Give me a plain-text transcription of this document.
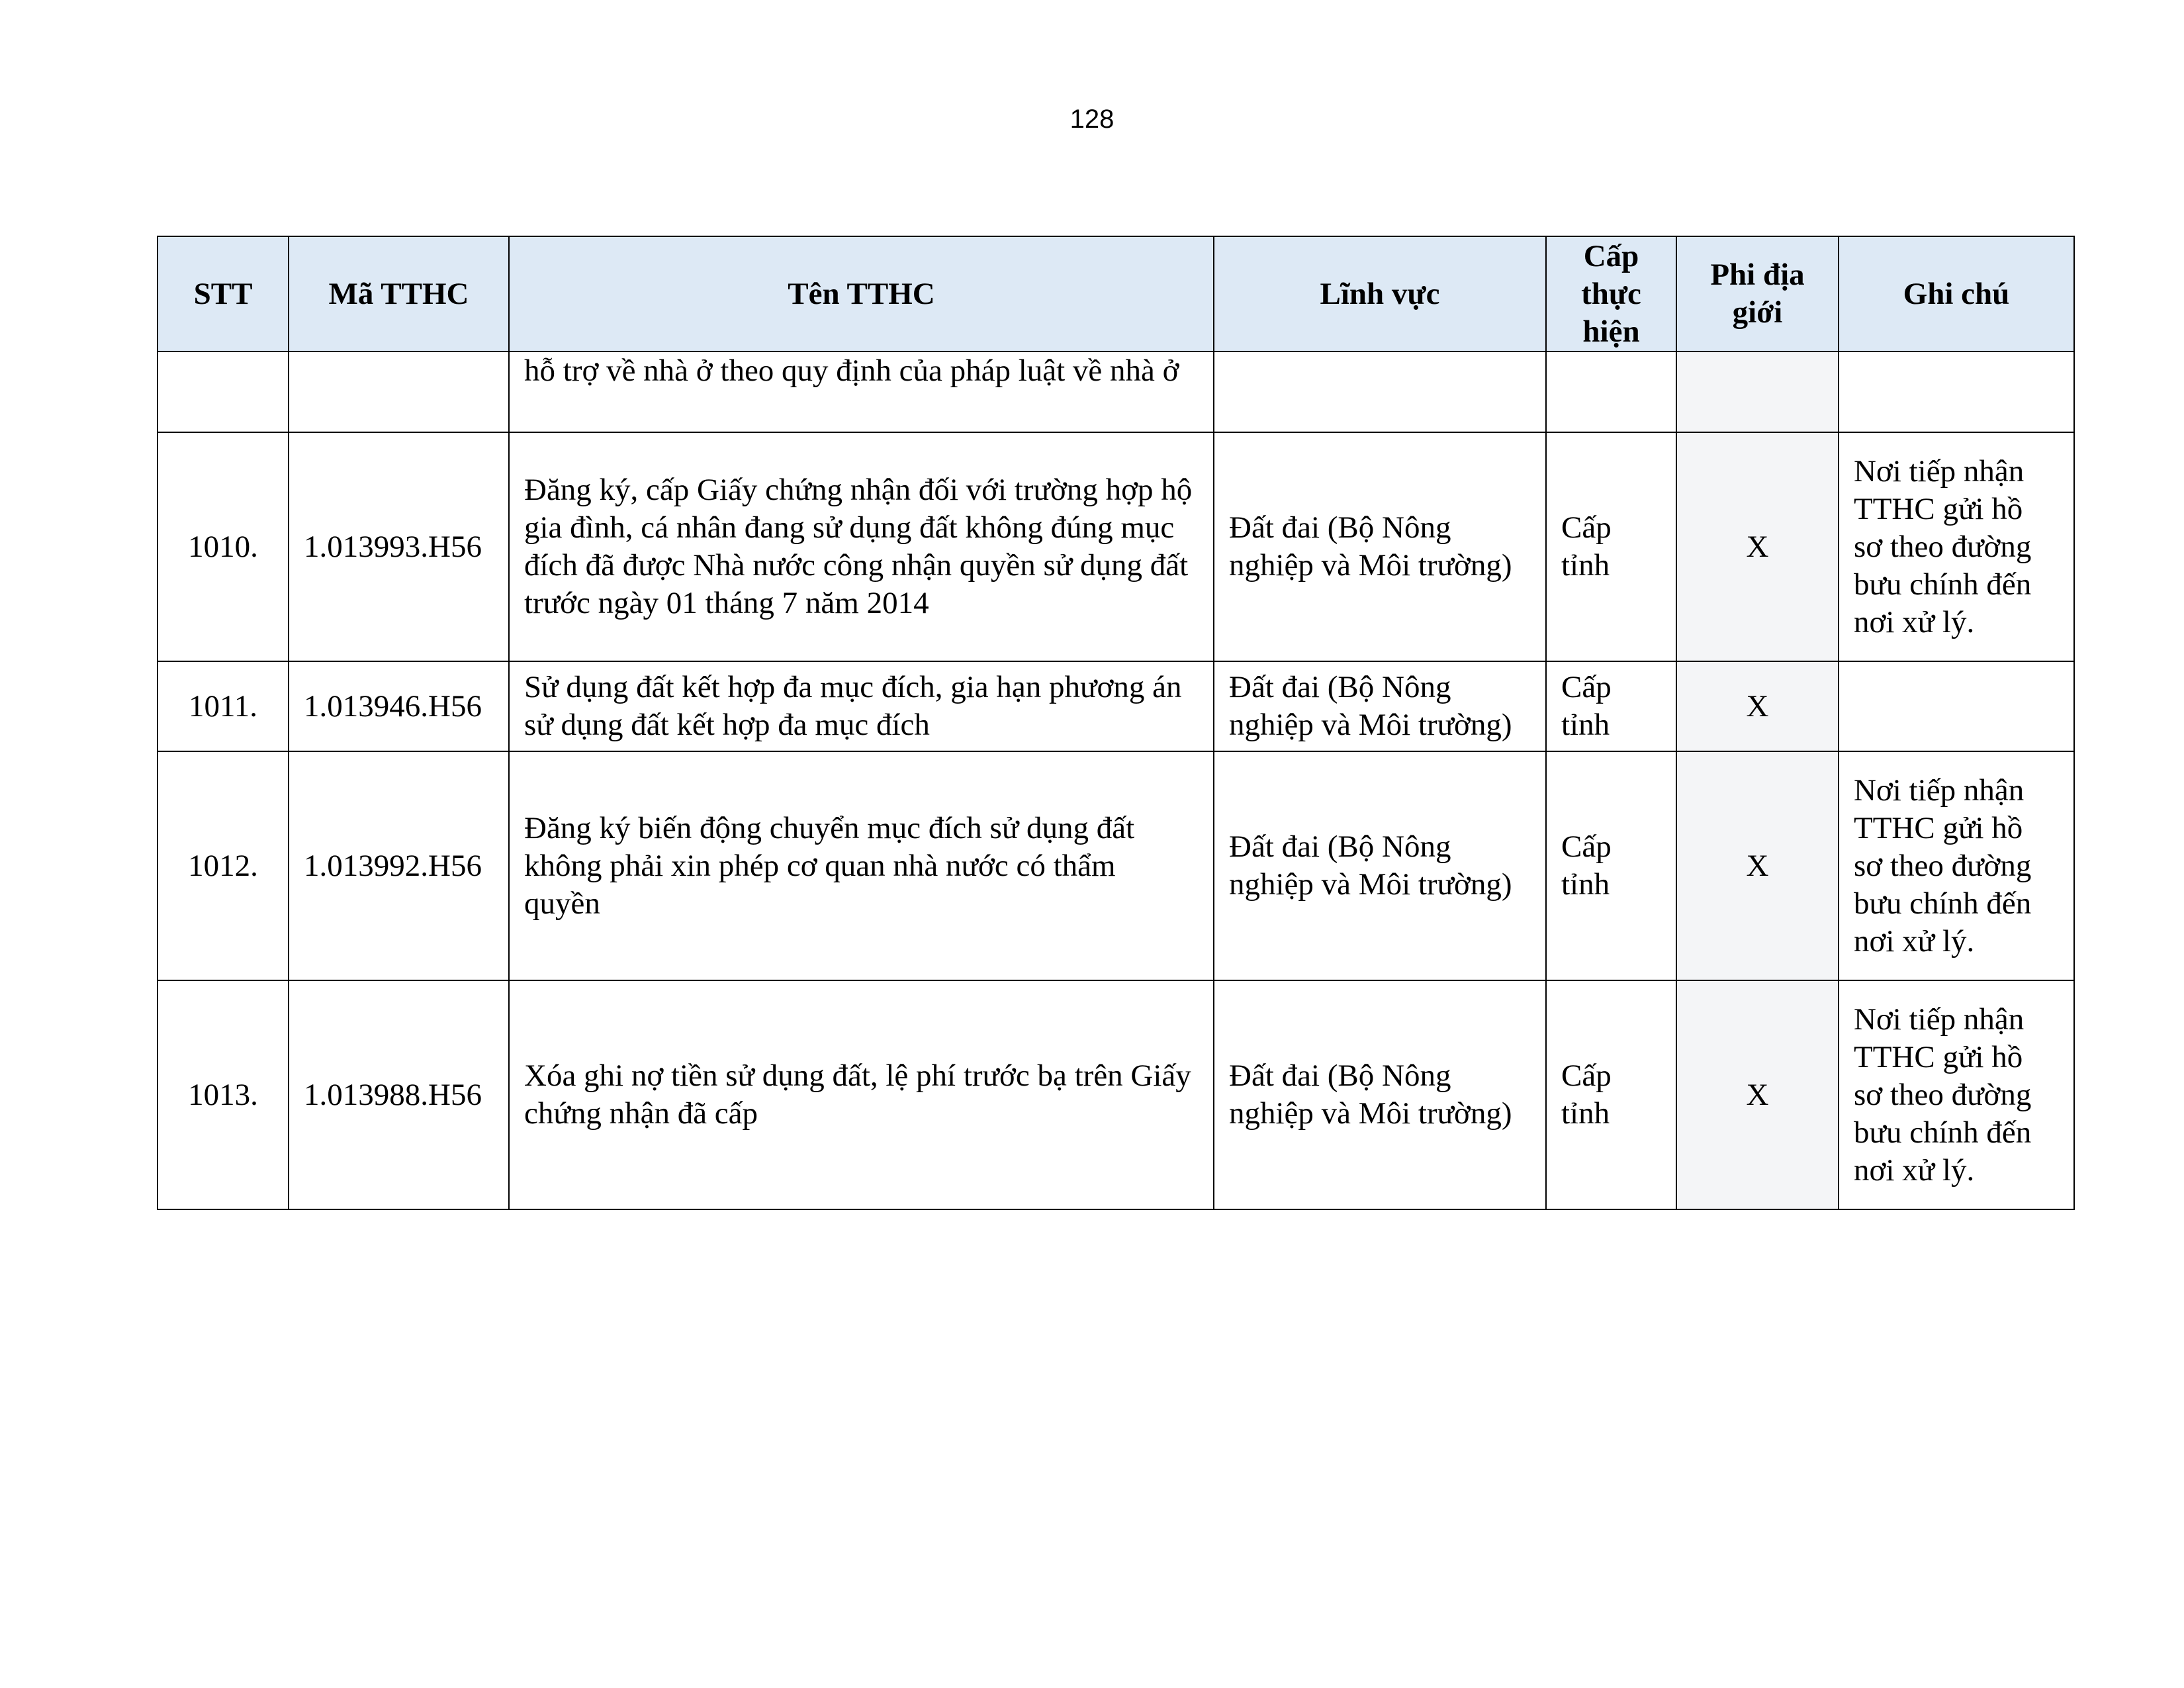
128
STT	Mã TTHC	Tên TTHC	Lĩnh vực	Cấp thực hiện	Phi địa giới	Ghi chú
		hỗ trợ về nhà ở theo quy định của pháp luật về nhà ở				
1010.	1.013993.H56	Đăng ký, cấp Giấy chứng nhận đối với trường hợp hộ gia đình, cá nhân đang sử dụng đất không đúng mục đích đã được Nhà nước công nhận quyền sử dụng đất trước ngày 01 tháng 7 năm 2014	Đất đai (Bộ Nông nghiệp và Môi trường)	Cấp tỉnh	X	Nơi tiếp nhận TTHC gửi hồ sơ theo đường bưu chính đến nơi xử lý.
1011.	1.013946.H56	Sử dụng đất kết hợp đa mục đích, gia hạn phương án sử dụng đất kết hợp đa mục đích	Đất đai (Bộ Nông nghiệp và Môi trường)	Cấp tỉnh	X	
1012.	1.013992.H56	Đăng ký biến động chuyển mục đích sử dụng đất không phải xin phép cơ quan nhà nước có thẩm quyền	Đất đai (Bộ Nông nghiệp và Môi trường)	Cấp tỉnh	X	Nơi tiếp nhận TTHC gửi hồ sơ theo đường bưu chính đến nơi xử lý.
1013.	1.013988.H56	Xóa ghi nợ tiền sử dụng đất, lệ phí trước bạ trên Giấy chứng nhận đã cấp	Đất đai (Bộ Nông nghiệp và Môi trường)	Cấp tỉnh	X	Nơi tiếp nhận TTHC gửi hồ sơ theo đường bưu chính đến nơi xử lý.
